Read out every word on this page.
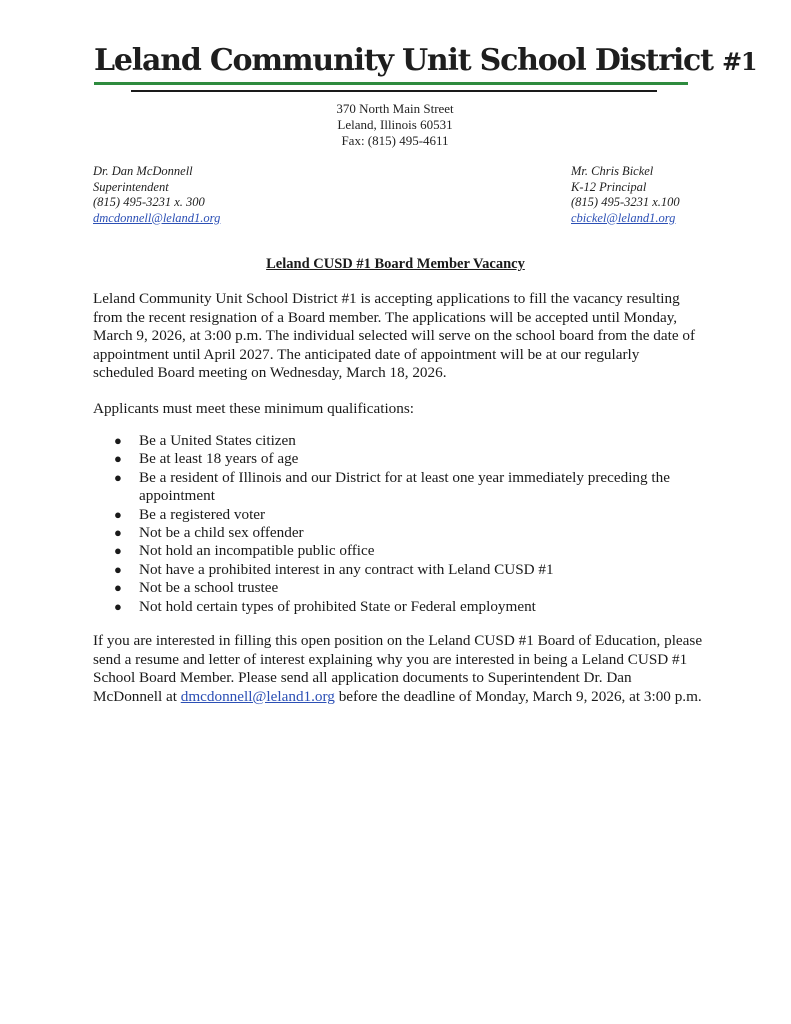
Leland Community Unit School District #1
370 North Main Street
Leland, Illinois 60531
Fax: (815) 495-4611
Dr. Dan McDonnell
Superintendent
(815) 495-3231 x. 300
dmcdonnell@leland1.org
Mr. Chris Bickel
K-12 Principal
(815) 495-3231 x.100
cbickel@leland1.org
Leland CUSD #1 Board Member Vacancy
Leland Community Unit School District #1 is accepting applications to fill the vacancy resulting from the recent resignation of a Board member. The applications will be accepted until Monday, March 9, 2026, at 3:00 p.m. The individual selected will serve on the school board from the date of appointment until April 2027. The anticipated date of appointment will be at our regularly scheduled Board meeting on Wednesday, March 18, 2026.
Applicants must meet these minimum qualifications:
● Be a United States citizen
● Be at least 18 years of age
● Be a resident of Illinois and our District for at least one year immediately preceding the appointment
● Be a registered voter
● Not be a child sex offender
● Not hold an incompatible public office
● Not have a prohibited interest in any contract with Leland CUSD #1
● Not be a school trustee
● Not hold certain types of prohibited State or Federal employment
If you are interested in filling this open position on the Leland CUSD #1 Board of Education, please send a resume and letter of interest explaining why you are interested in being a Leland CUSD #1 School Board Member. Please send all application documents to Superintendent Dr. Dan McDonnell at dmcdonnell@leland1.org before the deadline of Monday, March 9, 2026, at 3:00 p.m.
